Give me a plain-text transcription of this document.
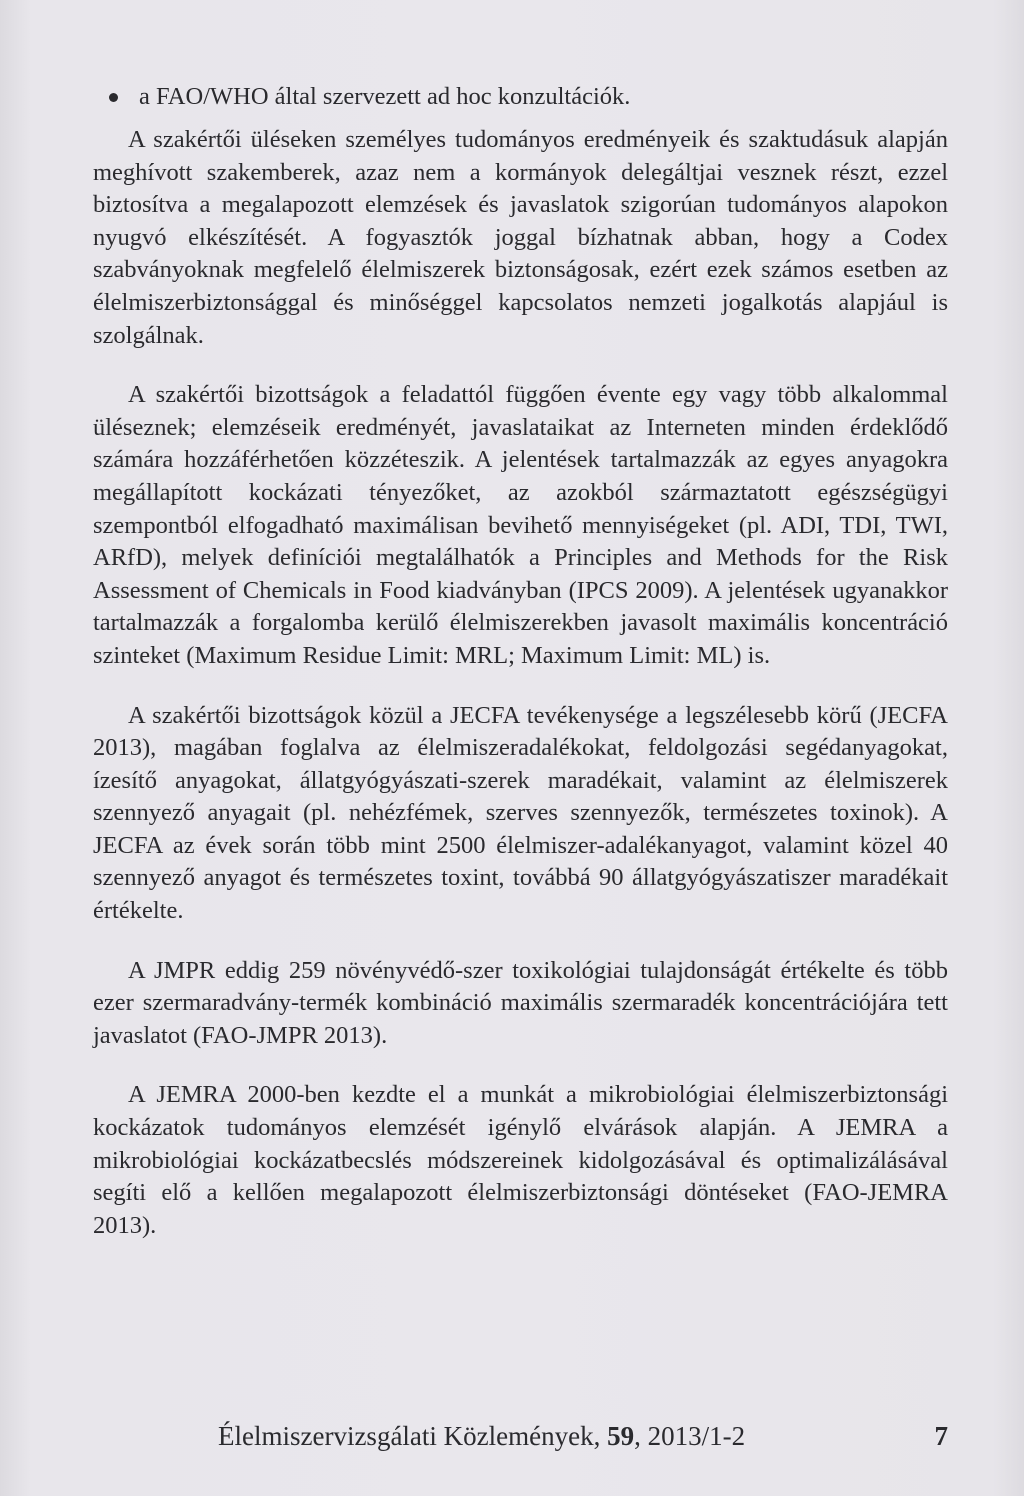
a FAO/WHO által szervezett ad hoc konzultációk.

A szakértői üléseken személyes tudományos eredményeik és szaktudásuk alapján meghívott szakemberek, azaz nem a kormányok delegáltjai vesznek részt, ezzel biztosítva a megalapozott elemzések és javaslatok szigorúan tudományos alapokon nyugvó elkészítését. A fogyasztók joggal bízhatnak abban, hogy a Codex szabványoknak megfelelő élelmiszerek biztonságosak, ezért ezek számos esetben az élelmiszerbiztonsággal és minőséggel kapcsolatos nemzeti jogalkotás alapjául is szolgálnak.

A szakértői bizottságok a feladattól függően évente egy vagy több alkalommal üléseznek; elemzéseik eredményét, javaslataikat az Interneten minden érdeklődő számára hozzáférhetően közzéteszik. A jelentések tartalmazzák az egyes anyagokra megállapított kockázati tényezőket, az azokból származtatott egészségügyi szempontból elfogadható maximálisan bevihető mennyiségeket (pl. ADI, TDI, TWI, ARfD), melyek definíciói megtalálhatók a Principles and Methods for the Risk Assessment of Chemicals in Food kiadványban (IPCS 2009). A jelentések ugyanakkor tartalmazzák a forgalomba kerülő élelmiszerekben javasolt maximális koncentráció szinteket (Maximum Residue Limit: MRL; Maximum Limit: ML) is.

A szakértői bizottságok közül a JECFA tevékenysége a legszélesebb körű (JECFA 2013), magában foglalva az élelmiszeradalékokat, feldolgozási segédanyagokat, ízesítő anyagokat, állatgyógyászati-szerek maradékait, valamint az élelmiszerek szennyező anyagait (pl. nehézfémek, szerves szennyezők, természetes toxinok). A JECFA az évek során több mint 2500 élelmiszer-adalékanyagot, valamint közel 40 szennyező anyagot és természetes toxint, továbbá 90 állatgyógyászatiszer maradékait értékelte.

A JMPR eddig 259 növényvédő-szer toxikológiai tulajdonságát értékelte és több ezer szermaradvány-termék kombináció maximális szermaradék koncentrációjára tett javaslatot (FAO-JMPR 2013).

A JEMRA 2000-ben kezdte el a munkát a mikrobiológiai élelmiszerbiztonsági kockázatok tudományos elemzését igénylő elvárások alapján. A JEMRA a mikrobiológiai kockázatbecslés módszereinek kidolgozásával és optimalizálásával segíti elő a kellően megalapozott élelmiszerbiztonsági döntéseket (FAO-JEMRA 2013).

Élelmiszervizsgálati Közlemények, 59, 2013/1-2	7
